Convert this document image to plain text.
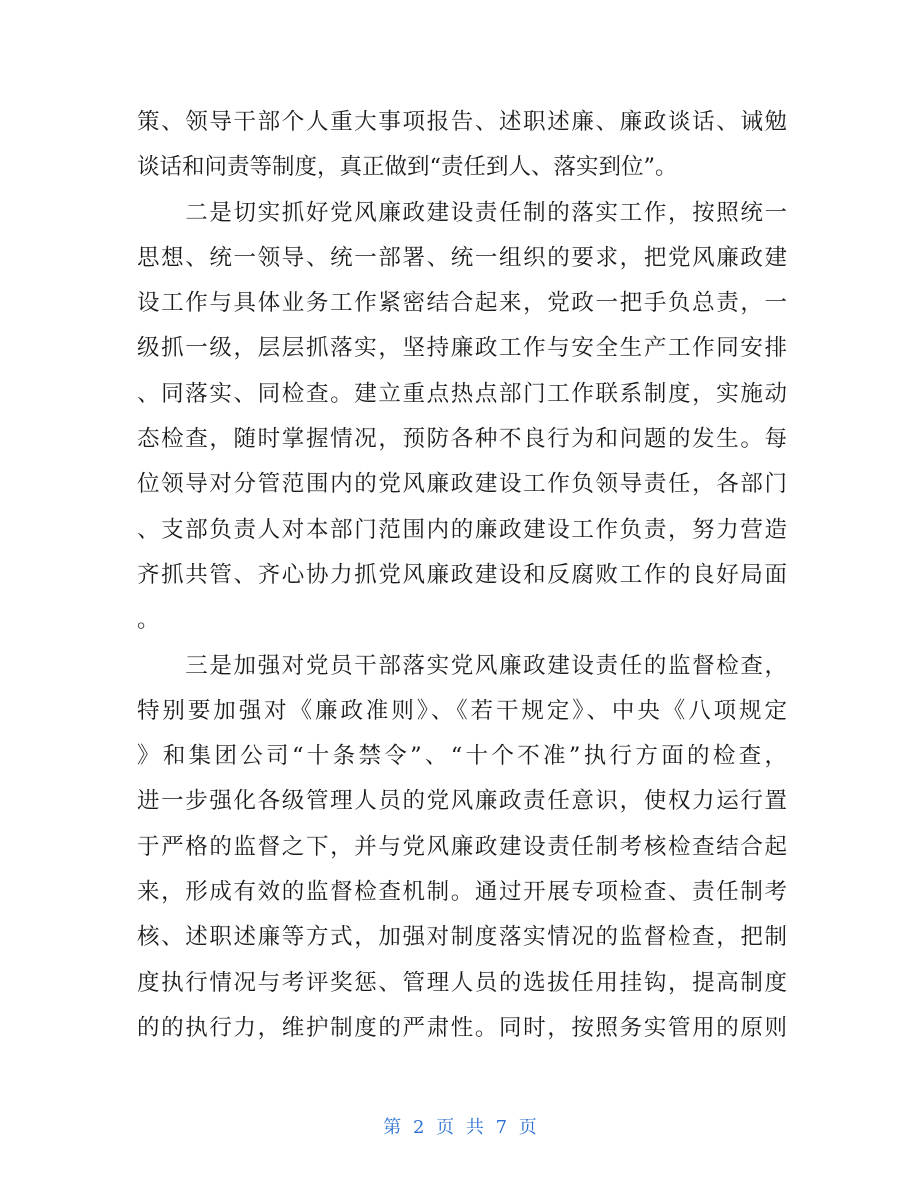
策、领导干部个人重大事项报告、述职述廉、廉政谈话、诫勉
谈话和问责等制度，真正做到“责任到人、落实到位”。
　　二是切实抓好党风廉政建设责任制的落实工作，按照统一
思想、统一领导、统一部署、统一组织的要求，把党风廉政建
设工作与具体业务工作紧密结合起来，党政一把手负总责，一
级抓一级，层层抓落实，坚持廉政工作与安全生产工作同安排
、同落实、同检查。建立重点热点部门工作联系制度，实施动
态检查，随时掌握情况，预防各种不良行为和问题的发生。每
位领导对分管范围内的党风廉政建设工作负领导责任，各部门
、支部负责人对本部门范围内的廉政建设工作负责，努力营造
齐抓共管、齐心协力抓党风廉政建设和反腐败工作的良好局面
。
　　三是加强对党员干部落实党风廉政建设责任的监督检查，
特别要加强对《廉政准则》、《若干规定》、中央《八项规定
》和集团公司“十条禁令”、“十个不准”执行方面的检查，
进一步强化各级管理人员的党风廉政责任意识，使权力运行置
于严格的监督之下，并与党风廉政建设责任制考核检查结合起
来，形成有效的监督检查机制。通过开展专项检查、责任制考
核、述职述廉等方式，加强对制度落实情况的监督检查，把制
度执行情况与考评奖惩、管理人员的选拔任用挂钩，提高制度
的的执行力，维护制度的严肃性。同时，按照务实管用的原则
第 2 页 共 7 页
